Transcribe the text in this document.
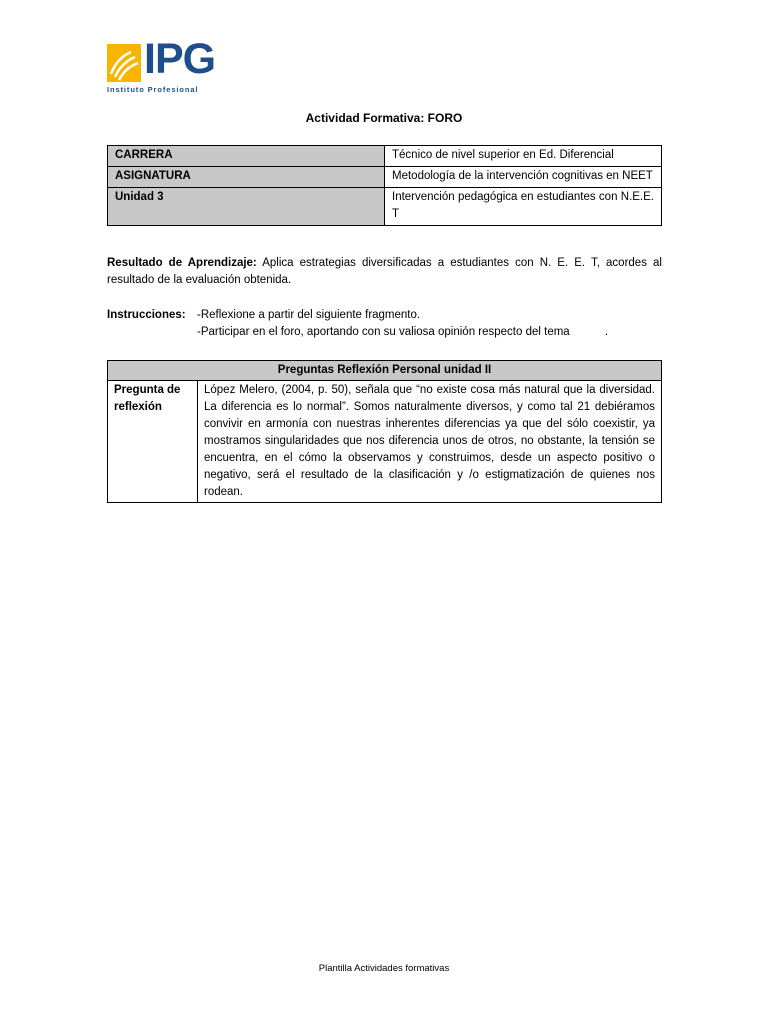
IPG
Instituto Profesional
Actividad Formativa: FORO
CARRERA	Técnico de nivel superior en Ed. Diferencial
ASIGNATURA	Metodología de la intervención cognitivas en NEET
Unidad 3	Intervención pedagógica en estudiantes con N.E.E. T
Resultado de Aprendizaje: Aplica estrategias diversificadas a estudiantes con N. E. E. T, acordes al resultado de la evaluación obtenida.
Instrucciones: -Reflexione a partir del siguiente fragmento.
-Participar en el foro, aportando con su valiosa opinión respecto del tema           .
Preguntas Reflexión Personal unidad II
Pregunta de reflexión	López Melero, (2004, p. 50), señala que “no existe cosa más natural que la diversidad. La diferencia es lo normal”. Somos naturalmente diversos, y como tal 21 debiéramos convivir en armonía con nuestras inherentes diferencias ya que del sólo coexistir, ya mostramos singularidades que nos diferencia unos de otros, no obstante, la tensión se encuentra, en el cómo la observamos y construimos, desde un aspecto positivo o negativo, será el resultado de la clasificación y /o estigmatización de quienes nos rodean.
Plantilla Actividades formativas
